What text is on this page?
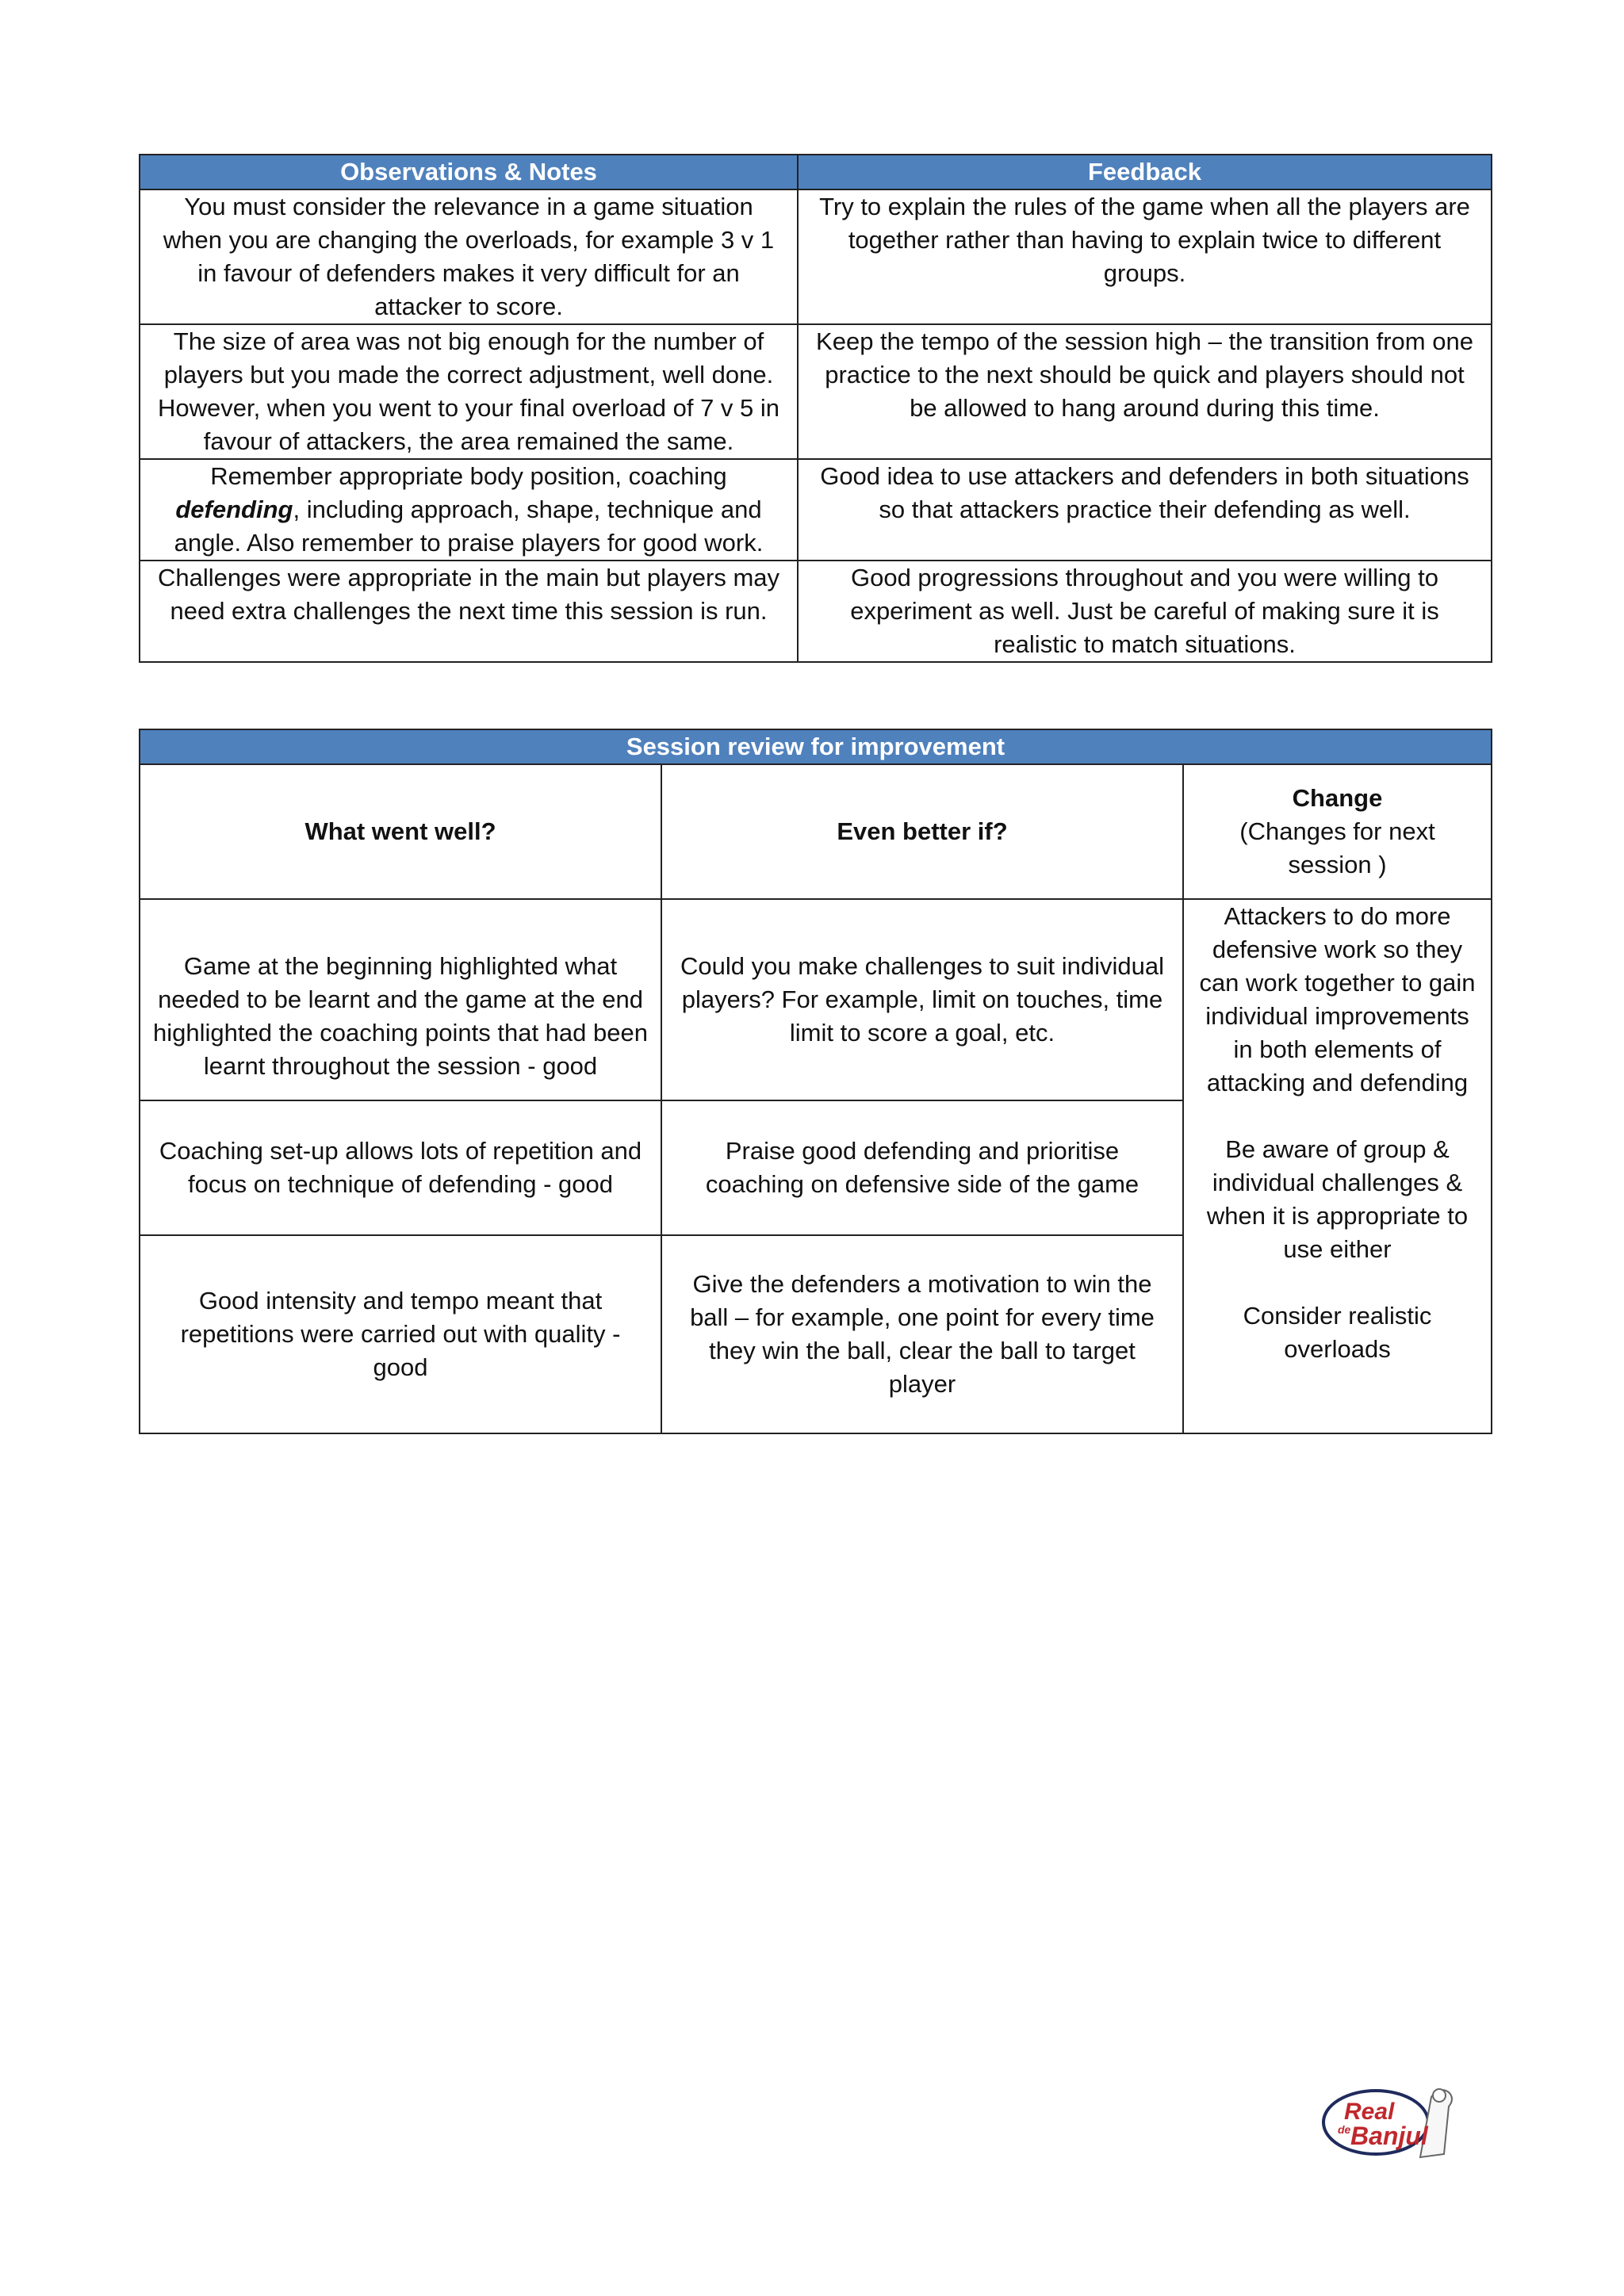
Observations & Notes	Feedback
You must consider the relevance in a game situation when you are changing the overloads, for example 3 v 1 in favour of defenders makes it very difficult for an attacker to score.	Try to explain the rules of the game when all the players are together rather than having to explain twice to different groups.
The size of area was not big enough for the number of players but you made the correct adjustment, well done. However, when you went to your final overload of 7 v 5 in favour of attackers, the area remained the same.	Keep the tempo of the session high – the transition from one practice to the next should be quick and players should not be allowed to hang around during this time.
Remember appropriate body position, coaching defending, including approach, shape, technique and angle. Also remember to praise players for good work.	Good idea to use attackers and defenders in both situations so that attackers practice their defending as well.
Challenges were appropriate in the main but players may need extra challenges the next time this session is run.	Good progressions throughout and you were willing to experiment as well. Just be careful of making sure it is realistic to match situations.
Session review for improvement		
What went well?	Even better if?	Change
(Changes for next session )

Game at the beginning highlighted what needed to be learnt and the game at the end highlighted the coaching points that had been learnt throughout the session - good	Could you make challenges to suit individual players? For example, limit on touches, time limit to score a goal, etc.	Attackers to do more defensive work so they can work together to gain individual improvements in both elements of attacking and defending
Be aware of group & individual challenges & when it is appropriate to use either
Consider realistic overloads

Coaching set-up allows lots of repetition and focus on technique of defending - good	Praise good defending and prioritise coaching on defensive side of the game	
Good intensity and tempo meant that repetitions were carried out with quality - good	Give the defenders a motivation to win the ball – for example, one point for every time they win the ball, clear the ball to target player	
Real
de Banjul
